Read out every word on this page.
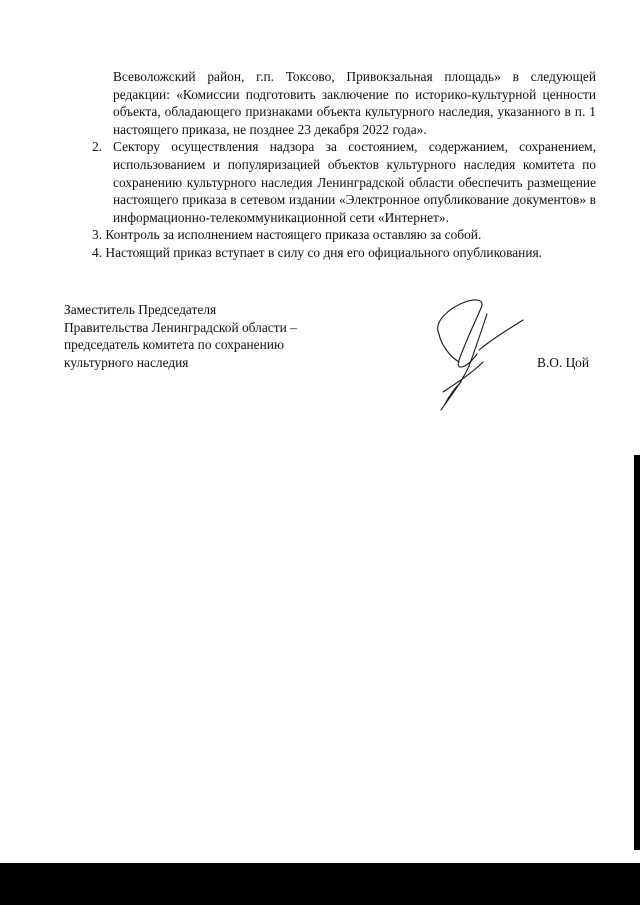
Всеволожский район, г.п. Токсово, Привокзальная площадь» в следующей редакции: «Комиссии подготовить заключение по историко-культурной ценности объекта, обладающего признаками объекта культурного наследия, указанного в п. 1 настоящего приказа, не позднее 23 декабря 2022 года».

2. Сектору осуществления надзора за состоянием, содержанием, сохранением, использованием и популяризацией объектов культурного наследия комитета по сохранению культурного наследия Ленинградской области обеспечить размещение настоящего приказа в сетевом издании «Электронное опубликование документов» в информационно-телекоммуникационной сети «Интернет».

3. Контроль за исполнением настоящего приказа оставляю за собой.

4. Настоящий приказ вступает в силу со дня его официального опубликования.

Заместитель Председателя
Правительства Ленинградской области –
председатель комитета по сохранению
культурного наследия	В.О. Цой
